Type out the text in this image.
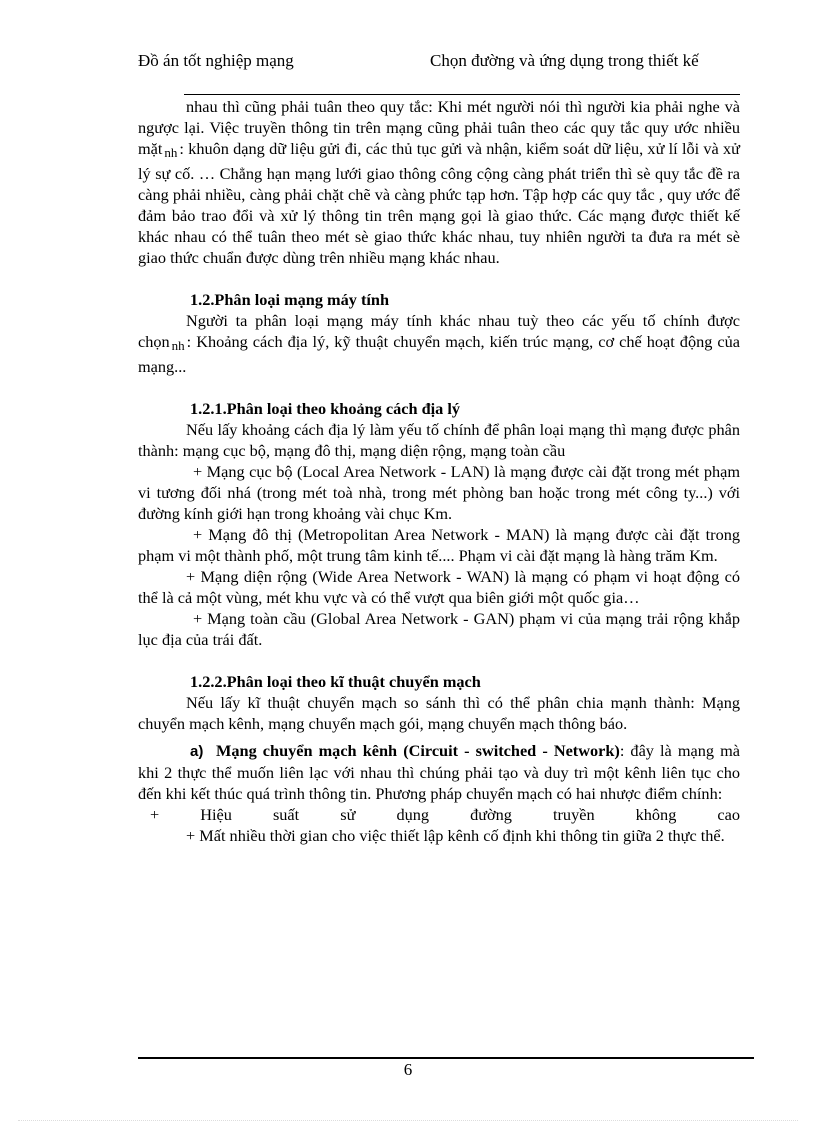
Đồ án tốt nghiệp mạng	Chọn đường và ứng dụng trong thiết kế

nhau thì cũng phải tuân theo quy tắc: Khi mét người nói thì người kia phải nghe và ngược lại. Việc truyền thông tin trên mạng cũng phải tuân theo các quy tắc quy ước nhiều mặt nh : khuôn dạng dữ liệu gửi đi, các thủ tục gửi và nhận, kiểm soát dữ liệu, xử lí lỗi và xử lý sự cố. … Chẳng hạn mạng lưới giao thông công cộng càng phát triển thì sè quy tắc đề ra càng phải nhiều, càng phải chặt chẽ và càng phức tạp hơn. Tập hợp các quy tắc , quy ước để đảm bảo trao đổi và xử lý thông tin trên mạng gọi là giao thức. Các mạng được thiết kế khác nhau có thể tuân theo mét sè giao thức khác nhau, tuy nhiên người ta đưa ra mét sè giao thức chuẩn được dùng trên nhiều mạng khác nhau.

1.2.Phân loại mạng máy tính

Người ta phân loại mạng máy tính khác nhau tuỳ theo các yếu tố chính được chọn nh : Khoảng cách địa lý, kỹ thuật chuyển mạch, kiến trúc mạng, cơ chế hoạt động của mạng...

1.2.1.Phân loại theo khoảng cách địa lý

Nếu lấy khoảng cách địa lý làm yếu tố chính để phân loại mạng thì mạng được phân thành: mạng cục bộ, mạng đô thị, mạng diện rộng, mạng toàn cầu

+ Mạng cục bộ (Local Area Network - LAN) là mạng được cài đặt trong mét phạm vi tương đối nhá (trong mét toà nhà, trong mét phòng ban hoặc trong mét công ty...) với đường kính giới hạn trong khoảng vài chục Km.

+ Mạng đô thị (Metropolitan Area Network - MAN) là mạng được cài đặt trong phạm vi một thành phố, một trung tâm kinh tế.... Phạm vi cài đặt mạng là hàng trăm Km.

+ Mạng diện rộng (Wide Area Network - WAN) là mạng có phạm vi hoạt động có thể là cả một vùng, mét khu vực và có thể vượt qua biên giới một quốc gia…

+ Mạng toàn cầu (Global Area Network - GAN) phạm vi của mạng trải rộng khắp lục địa của trái đất.

1.2.2.Phân loại theo kĩ thuật chuyển mạch

Nếu lấy kĩ thuật chuyển mạch so sánh thì có thể phân chia mạnh thành: Mạng chuyển mạch kênh, mạng chuyển mạch gói, mạng chuyển mạch thông báo.

a) Mạng chuyển mạch kênh (Circuit - switched - Network): đây là mạng mà khi 2 thực thể muốn liên lạc với nhau thì chúng phải tạo và duy trì một kênh liên tục cho đến khi kết thúc quá trình thông tin. Phương pháp chuyển mạch có hai nhược điểm chính:

+ Hiệu suất sử dụng đường truyền không cao

+ Mất nhiều thời gian cho việc thiết lập kênh cố định khi thông tin giữa 2 thực thể.

6
